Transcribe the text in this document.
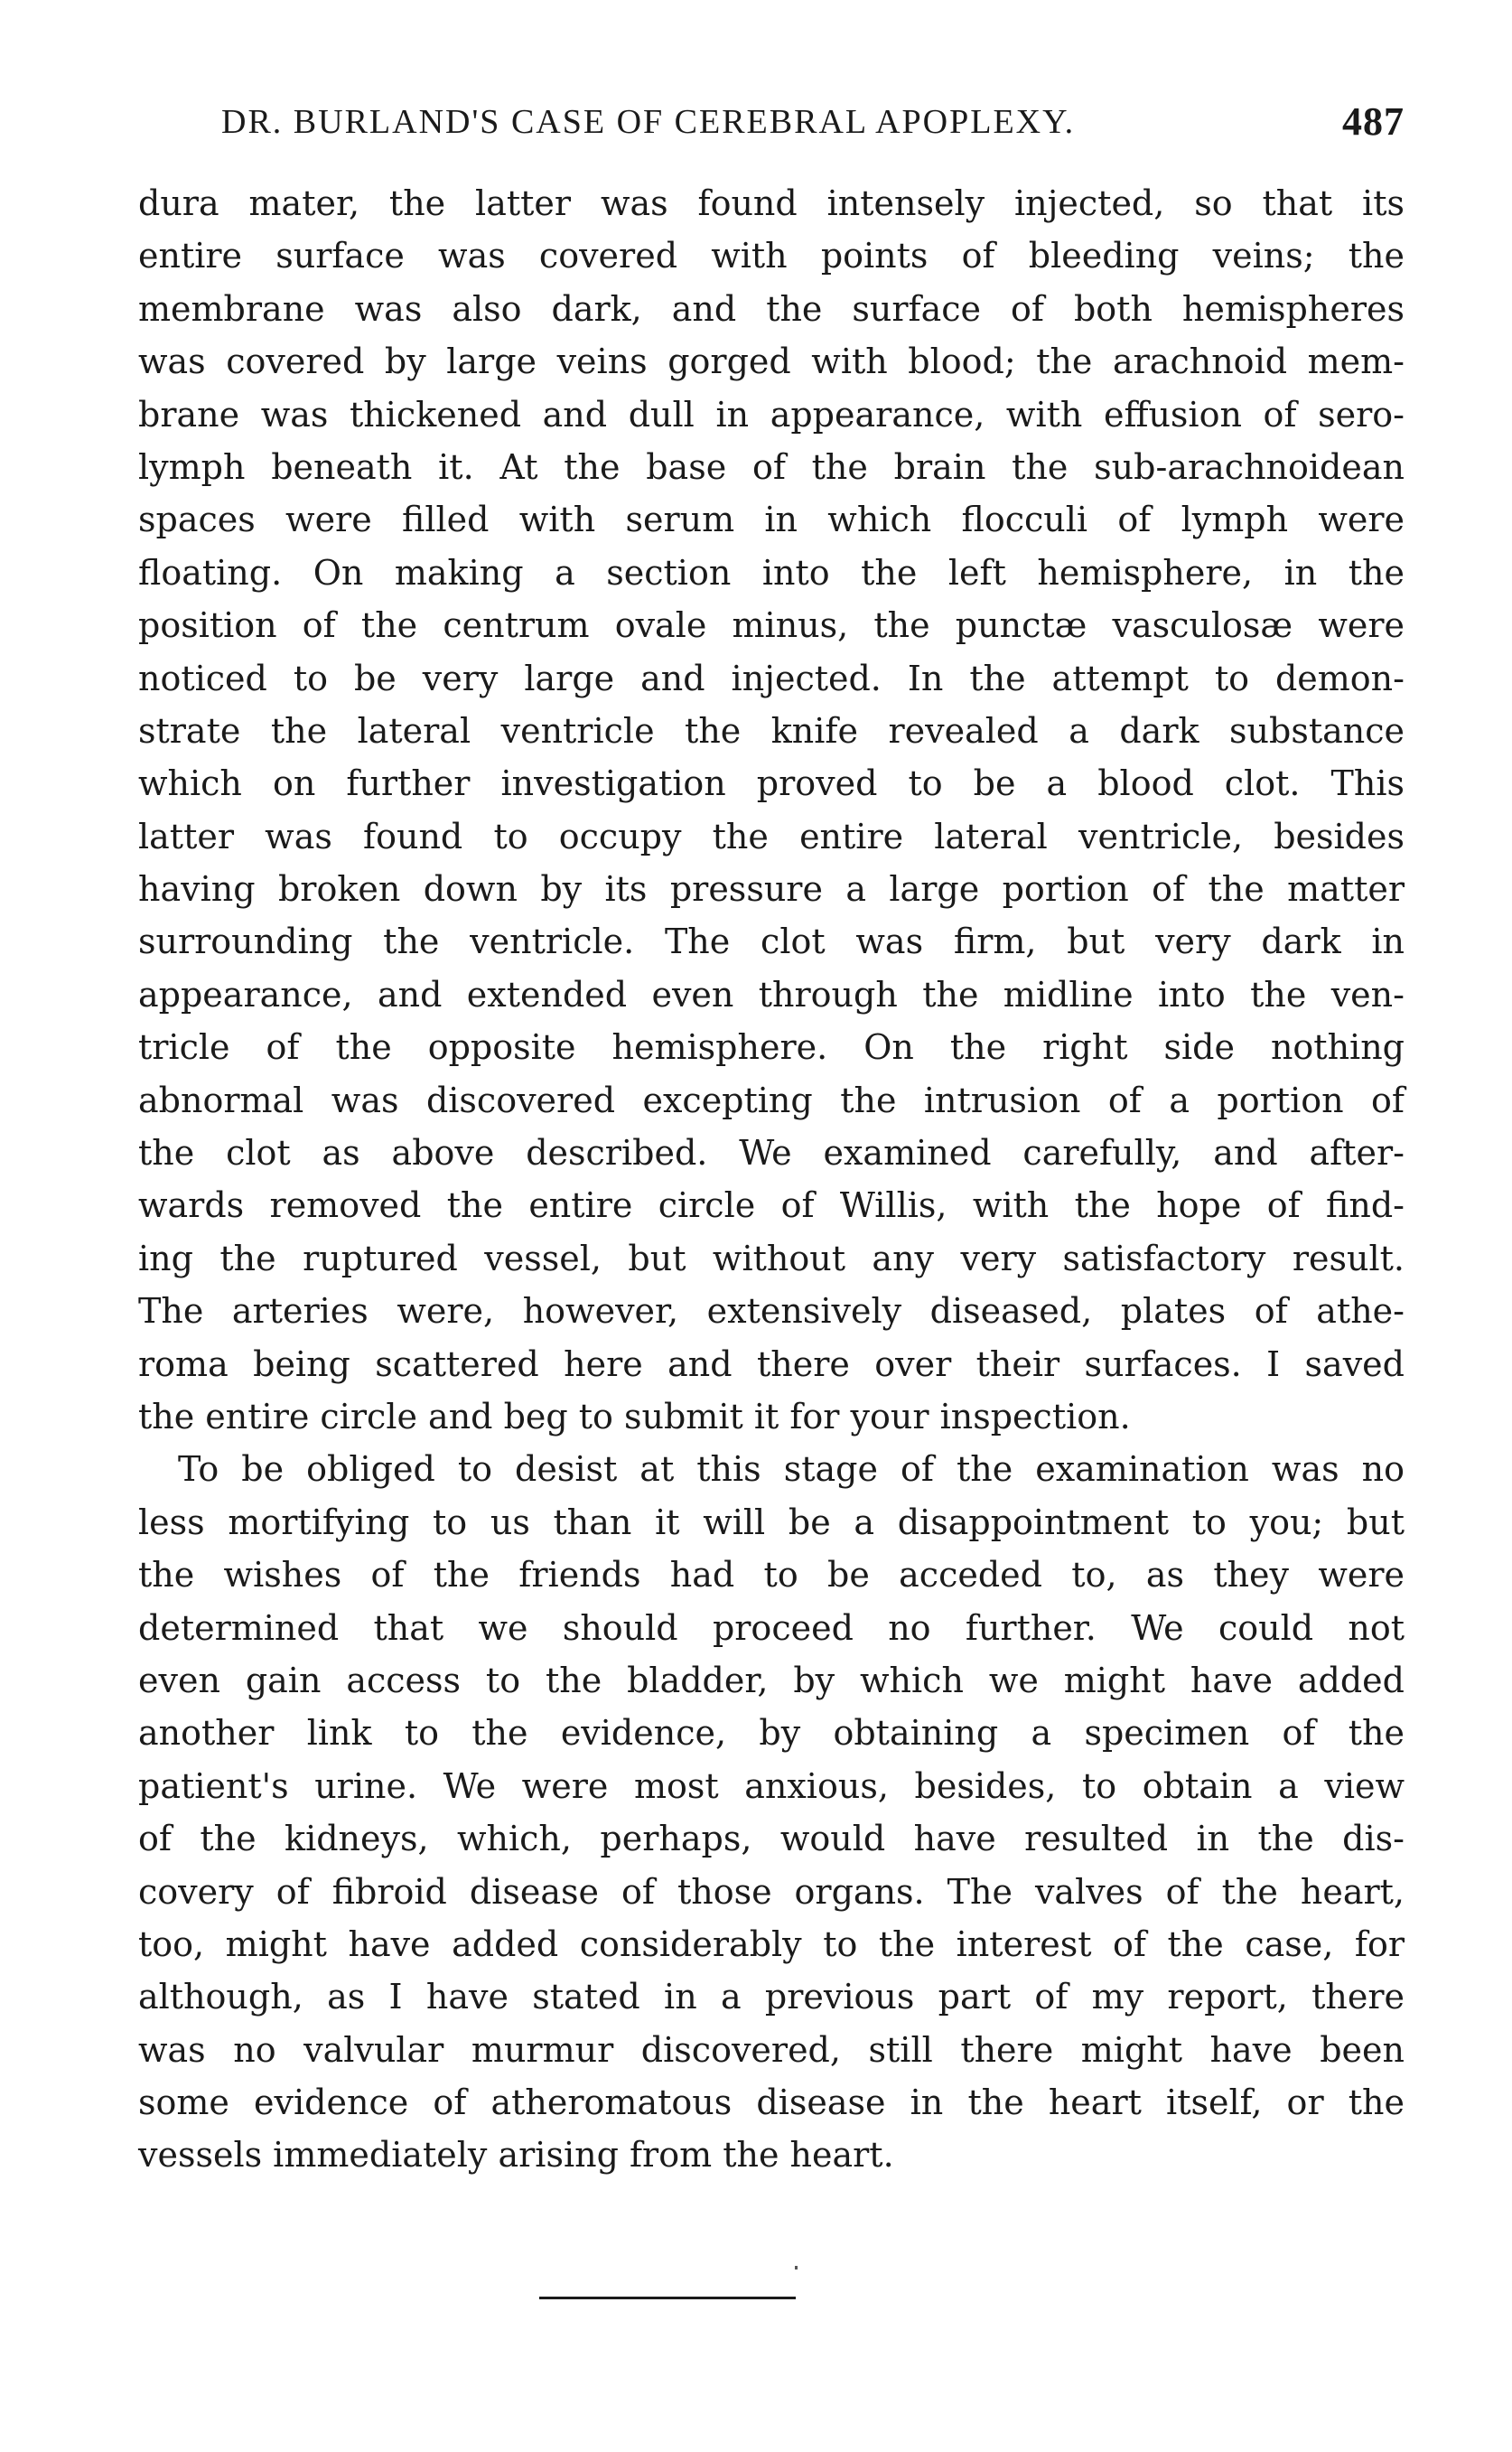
DR. BURLAND'S CASE OF CEREBRAL APOPLEXY.	487
dura mater, the latter was found intensely injected, so that its
entire surface was covered with points of bleeding veins; the
membrane was also dark, and the surface of both hemispheres
was covered by large veins gorged with blood; the arachnoid mem-
brane was thickened and dull in appearance, with effusion of sero-
lymph beneath it. At the base of the brain the sub-arachnoidean
spaces were filled with serum in which flocculi of lymph were
floating. On making a section into the left hemisphere, in the
position of the centrum ovale minus, the punctæ vasculosæ were
noticed to be very large and injected. In the attempt to demon-
strate the lateral ventricle the knife revealed a dark substance
which on further investigation proved to be a blood clot. This
latter was found to occupy the entire lateral ventricle, besides
having broken down by its pressure a large portion of the matter
surrounding the ventricle. The clot was firm, but very dark in
appearance, and extended even through the midline into the ven-
tricle of the opposite hemisphere. On the right side nothing
abnormal was discovered excepting the intrusion of a portion of
the clot as above described. We examined carefully, and after-
wards removed the entire circle of Willis, with the hope of find-
ing the ruptured vessel, but without any very satisfactory result.
The arteries were, however, extensively diseased, plates of athe-
roma being scattered here and there over their surfaces. I saved
the entire circle and beg to submit it for your inspection.
To be obliged to desist at this stage of the examination was no
less mortifying to us than it will be a disappointment to you; but
the wishes of the friends had to be acceded to, as they were
determined that we should proceed no further. We could not
even gain access to the bladder, by which we might have added
another link to the evidence, by obtaining a specimen of the
patient's urine. We were most anxious, besides, to obtain a view
of the kidneys, which, perhaps, would have resulted in the dis-
covery of fibroid disease of those organs. The valves of the heart,
too, might have added considerably to the interest of the case, for
although, as I have stated in a previous part of my report, there
was no valvular murmur discovered, still there might have been
some evidence of atheromatous disease in the heart itself, or the
vessels immediately arising from the heart.
